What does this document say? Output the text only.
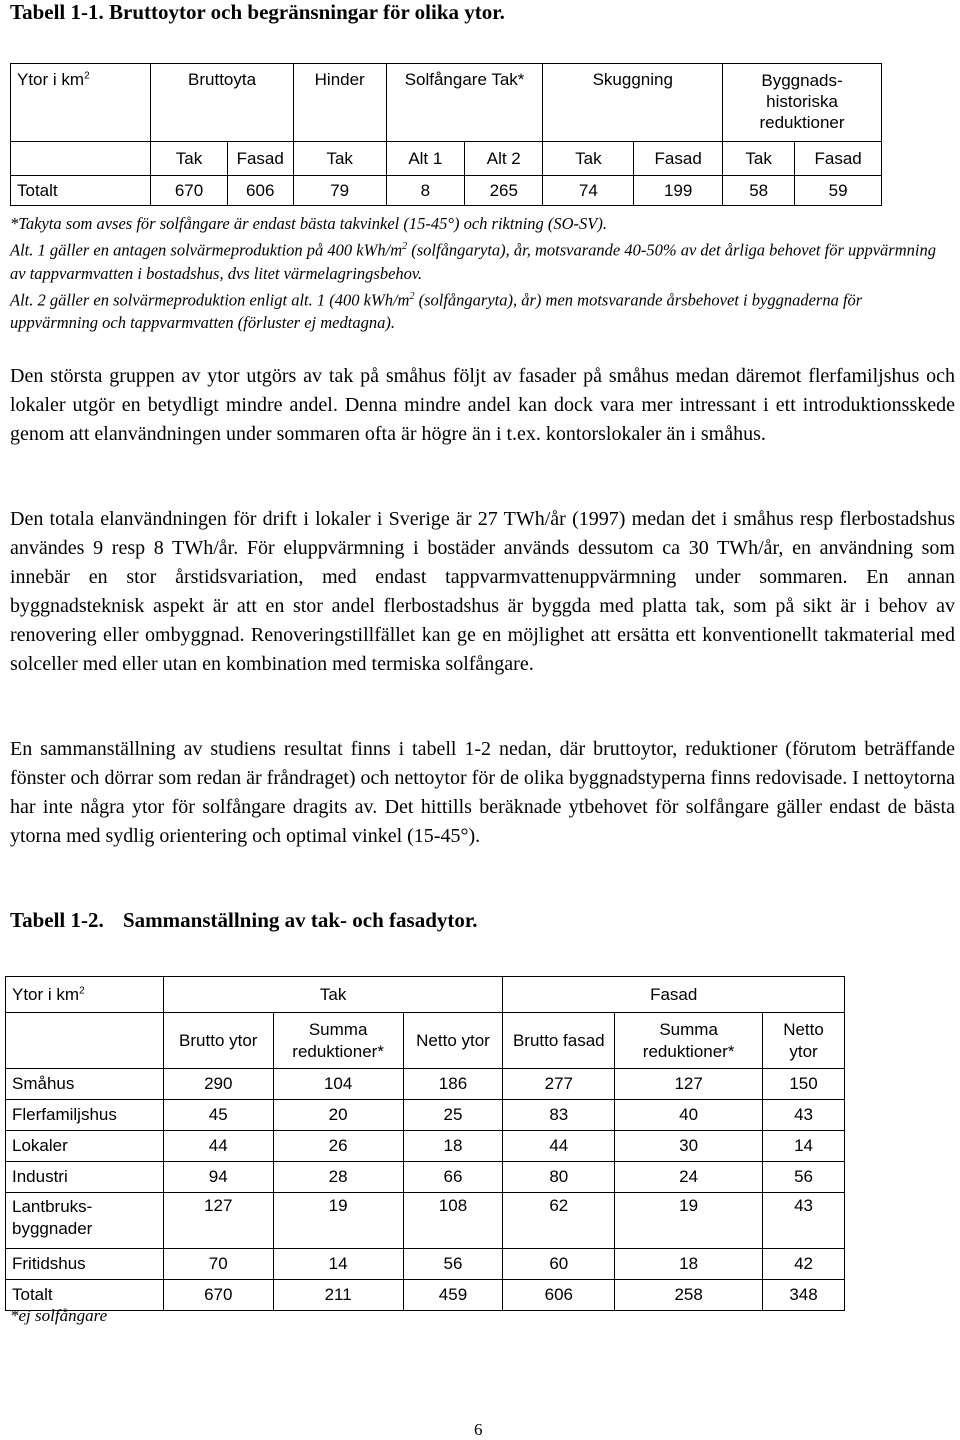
Tabell 1-1. Bruttoytor och begränsningar för olika ytor.
Ytor i $km^2$	Bruttoyta		Hinder	Solfångare Tak*		Skuggning		Byggnads-historiska reduktioner	
	Tak	Fasad	Tak	Alt 1	Alt 2	Tak	Fasad	Tak	Fasad
Totalt	670	606	79	8	265	74	199	58	59
*Takyta som avses för solfångare är endast bästa takvinkel (15-45°) och riktning (SO-SV).
Alt. 1 gäller en antagen solvärmeproduktion på 400 kWh/$m^2$ (solfångaryta), år, motsvarande 40-50% av det årliga behovet för uppvärmning av tappvarmvatten i bostadshus, dvs litet värmelagringsbehov.
Alt. 2 gäller en solvärmeproduktion enligt alt. 1 (400 kWh/$m^2$ (solfångaryta), år) men motsvarande årsbehovet i byggnaderna för uppvärmning och tappvarmvatten (förluster ej medtagna).

Den största gruppen av ytor utgörs av tak på småhus följt av fasader på småhus medan däremot flerfamiljshus och lokaler utgör en betydligt mindre andel. Denna mindre andel kan dock vara mer intressant i ett introduktionsskede genom att elanvändningen under sommaren ofta är högre än i t.ex. kontorslokaler än i småhus.

Den totala elanvändningen för drift i lokaler i Sverige är 27 TWh/år (1997) medan det i småhus resp flerbostadshus användes 9 resp 8 TWh/år. För eluppvärmning i bostäder används dessutom ca 30 TWh/år, en användning som innebär en stor årstidsvariation, med endast tappvarmvattenuppvärmning under sommaren. En annan byggnadsteknisk aspekt är att en stor andel flerbostadshus är byggda med platta tak, som på sikt är i behov av renovering eller ombyggnad. Renoveringstillfället kan ge en möjlighet att ersätta ett konventionellt takmaterial med solceller med eller utan en kombination med termiska solfångare.

En sammanställning av studiens resultat finns i tabell 1-2 nedan, där bruttoytor, reduktioner (förutom beträffande fönster och dörrar som redan är fråndraget) och nettoytor för de olika byggnadstyperna finns redovisade. I nettoytorna har inte några ytor för solfångare dragits av. Det hittills beräknade ytbehovet för solfångare gäller endast de bästa ytorna med sydlig orientering och optimal vinkel (15-45°).

Tabell 1-2. Sammanställning av tak- och fasadytor.
Ytor i $km^2$	Tak			Fasad		
	Brutto ytor	Summa reduktioner*	Netto ytor	Brutto fasad	Summa reduktioner*	Netto ytor
Småhus	290	104	186	277	127	150
Flerfamiljshus	45	20	25	83	40	43
Lokaler	44	26	18	44	30	14
Industri	94	28	66	80	24	56
Lantbruks-byggnader	127	19	108	62	19	43
Fritidshus	70	14	56	60	18	42
Totalt	670	211	459	606	258	348
*ej solfångare
6
